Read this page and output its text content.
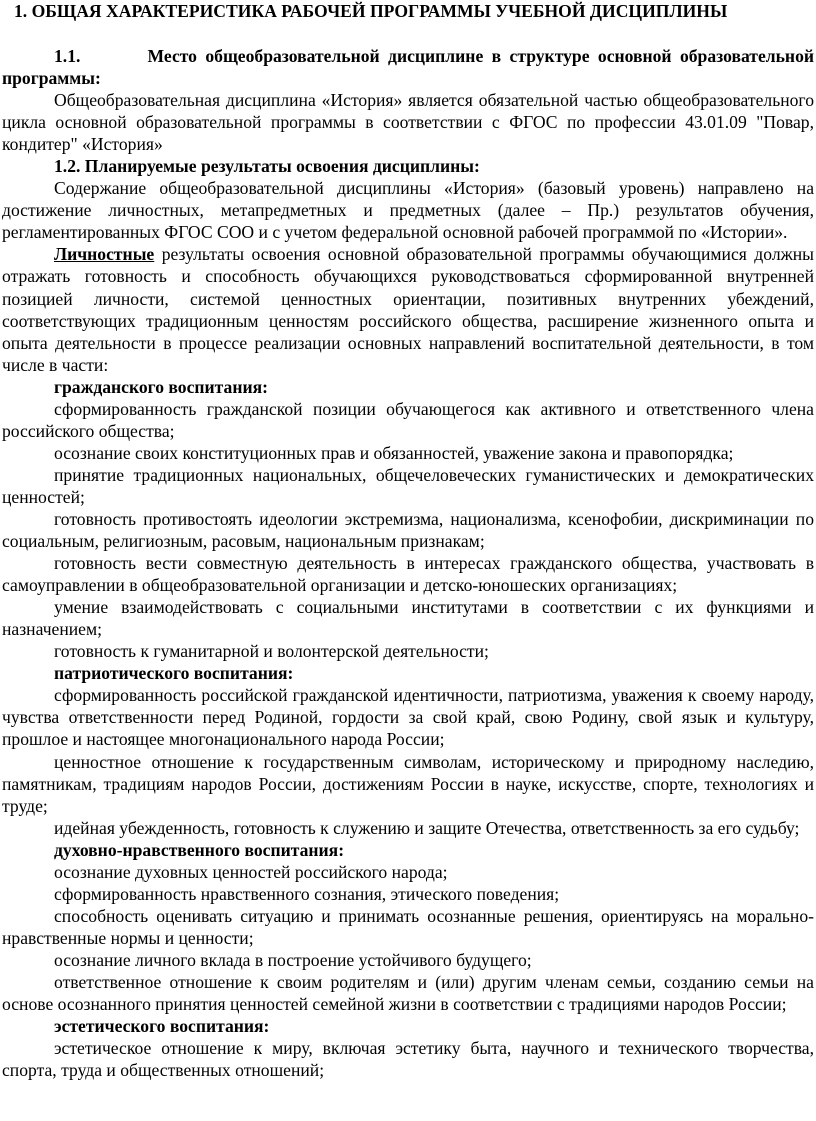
1. ОБЩАЯ ХАРАКТЕРИСТИКА РАБОЧЕЙ ПРОГРАММЫ УЧЕБНОЙ ДИСЦИПЛИНЫ

1.1.	Место общеобразовательной дисциплине в структуре основной образовательной программы:

Общеобразовательная дисциплина «История» является обязательной частью общеобразовательного цикла основной образовательной программы в соответствии с ФГОС по профессии 43.01.09 "Повар, кондитер" «История»

1.2. Планируемые результаты освоения дисциплины:

Содержание общеобразовательной дисциплины «История» (базовый уровень) направлено на достижение личностных, метапредметных и предметных (далее – Пр.) результатов обучения, регламентированных ФГОС СОО и с учетом федеральной основной рабочей программой по «Истории».

Личностные результаты освоения основной образовательной программы обучающимися должны отражать готовность и способность обучающихся руководствоваться сформированной внутренней позицией личности, системой ценностных ориентации, позитивных внутренних убеждений, соответствующих традиционным ценностям российского общества, расширение жизненного опыта и опыта деятельности в процессе реализации основных направлений воспитательной деятельности, в том числе в части:

гражданского воспитания:

сформированность гражданской позиции обучающегося как активного и ответственного члена российского общества;

осознание своих конституционных прав и обязанностей, уважение закона и правопорядка;

принятие традиционных национальных, общечеловеческих гуманистических и демократических ценностей;

готовность противостоять идеологии экстремизма, национализма, ксенофобии, дискриминации по социальным, религиозным, расовым, национальным признакам;

готовность вести совместную деятельность в интересах гражданского общества, участвовать в самоуправлении в общеобразовательной организации и детско-юношеских организациях;

умение взаимодействовать с социальными институтами в соответствии с их функциями и назначением;

готовность к гуманитарной и волонтерской деятельности;

патриотического воспитания:

сформированность российской гражданской идентичности, патриотизма, уважения к своему народу, чувства ответственности перед Родиной, гордости за свой край, свою Родину, свой язык и культуру, прошлое и настоящее многонационального народа России;

ценностное отношение к государственным символам, историческому и природному наследию, памятникам, традициям народов России, достижениям России в науке, искусстве, спорте, технологиях и труде;

идейная убежденность, готовность к служению и защите Отечества, ответственность за его судьбу;

духовно-нравственного воспитания:

осознание духовных ценностей российского народа;

сформированность нравственного сознания, этического поведения;

способность оценивать ситуацию и принимать осознанные решения, ориентируясь на морально-нравственные нормы и ценности;

осознание личного вклада в построение устойчивого будущего;

ответственное отношение к своим родителям и (или) другим членам семьи, созданию семьи на основе осознанного принятия ценностей семейной жизни в соответствии с традициями народов России;

эстетического воспитания:

эстетическое отношение к миру, включая эстетику быта, научного и технического творчества, спорта, труда и общественных отношений;
